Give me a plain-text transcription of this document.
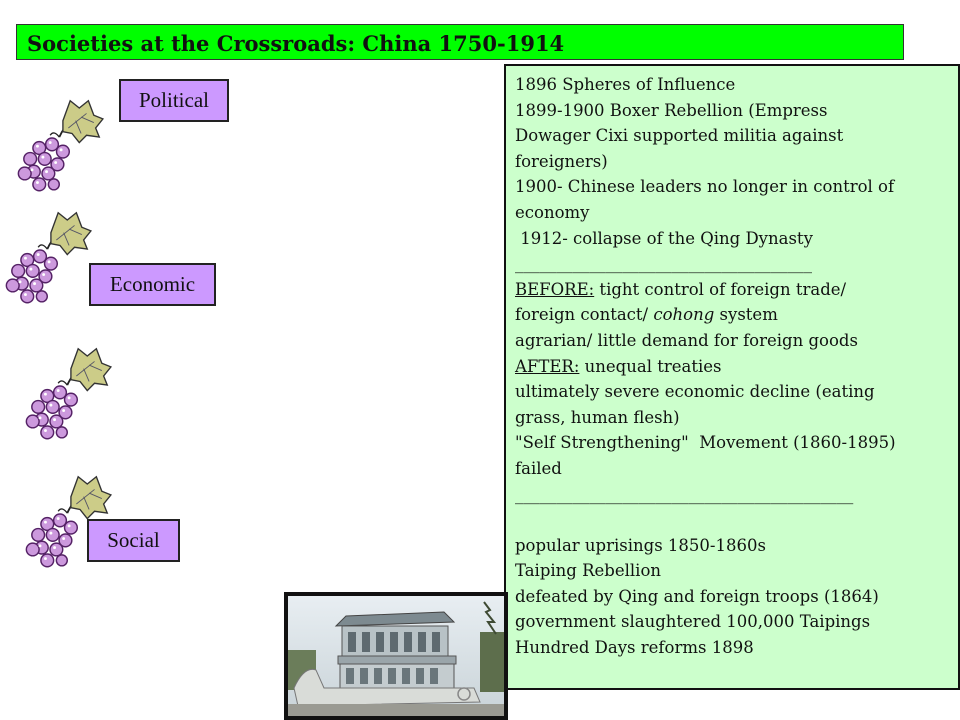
Societies at the Crossroads: China 1750-1914
Political
Economic
Social

1896 Spheres of Influence

1899-1900 Boxer Rebellion (Empress

Dowager Cixi supported militia against

foreigners)

1900- Chinese leaders no longer in control of

economy

1912- collapse of the Qing Dynasty

____________________________________

BEFORE: tight control of foreign trade/

foreign contact/ cohong system

agrarian/ little demand for foreign goods

AFTER: unequal treaties

ultimately severe economic decline (eating

grass, human flesh)

"Self Strengthening"  Movement (1860-1895)

failed

_________________________________________

popular uprisings 1850-1860s

Taiping Rebellion

defeated by Qing and foreign troops (1864)

government slaughtered 100,000 Taipings

Hundred Days reforms 1898
